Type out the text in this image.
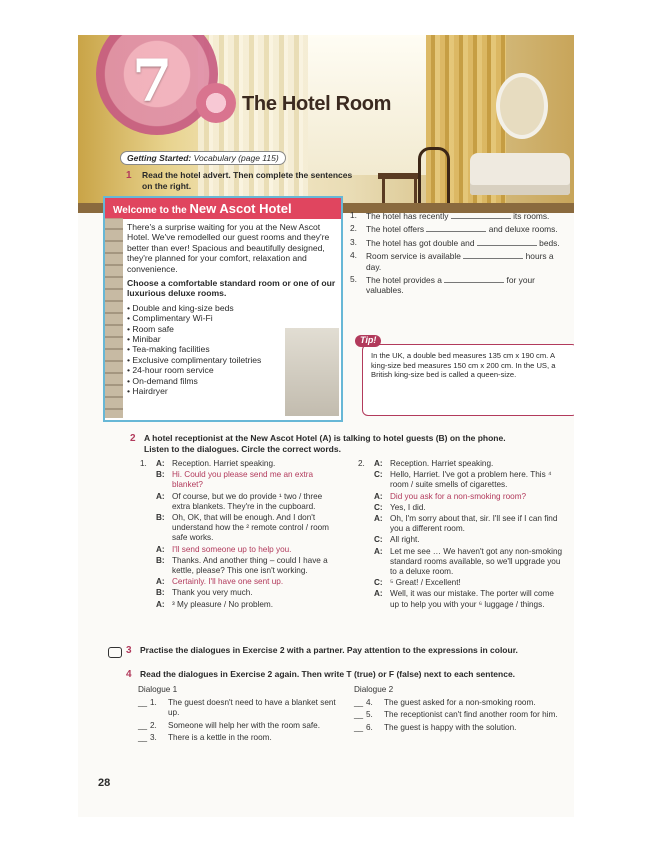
7	The Hotel Room
Getting Started: Vocabulary (page 115)
1 Read the hotel advert. Then complete the sentences on the right.
Welcome to the New Ascot Hotel

There's a surprise waiting for you at the New Ascot Hotel. We've remodelled our guest rooms and they're better than ever! Spacious and beautifully designed, they're planned for your comfort, relaxation and convenience.

Choose a comfortable standard room or one of our luxurious deluxe rooms.

• Double and king-size beds
• Complimentary Wi-Fi
• Room safe
• Minibar
• Tea-making facilities
• Exclusive complimentary toiletries
• 24-hour room service
• On-demand films
• Hairdryer
1. The hotel has recently	its rooms.
2. The hotel offers	and deluxe rooms.
3. The hotel has got double and	beds.
4. Room service is available	hours a day.
5. The hotel provides a	for your valuables.
Tip!
In the UK, a double bed measures 135 cm x 190 cm. A king-size bed measures 150 cm x 200 cm. In the US, a British king-size bed is called a queen-size.
2 A hotel receptionist at the New Ascot Hotel (A) is talking to hotel guests (B) on the phone.
Listen to the dialogues. Circle the correct words.
1. A: Reception. Harriet speaking.
B: Hi. Could you please send me an extra blanket?
A: Of course, but we do provide ¹ two / three extra blankets. They're in the cupboard.
B: Oh, OK, that will be enough. And I don't understand how the ² remote control / room safe works.
A: I'll send someone up to help you.
B: Thanks. And another thing – could I have a kettle, please? This one isn't working.
A: Certainly. I'll have one sent up.
B: Thank you very much.
A: ³ My pleasure / No problem.
2. A: Reception. Harriet speaking.
C: Hello, Harriet. I've got a problem here. This ⁴ room / suite smells of cigarettes.
A: Did you ask for a non-smoking room?
C: Yes, I did.
A: Oh, I'm sorry about that, sir. I'll see if I can find you a different room.
C: All right.
A: Let me see … We haven't got any non-smoking standard rooms available, so we'll upgrade you to a deluxe room.
C: ⁵ Great! / Excellent!
A: Well, it was our mistake. The porter will come up to help you with your ⁶ luggage / things.
3 Practise the dialogues in Exercise 2 with a partner. Pay attention to the expressions in colour.
4 Read the dialogues in Exercise 2 again. Then write T (true) or F (false) next to each sentence.
Dialogue 1
__ 1. The guest doesn't need to have a blanket sent up.
__ 2. Someone will help her with the room safe.
__ 3. There is a kettle in the room.
Dialogue 2
__ 4. The guest asked for a non-smoking room.
__ 5. The receptionist can't find another room for him.
__ 6. The guest is happy with the solution.
28
